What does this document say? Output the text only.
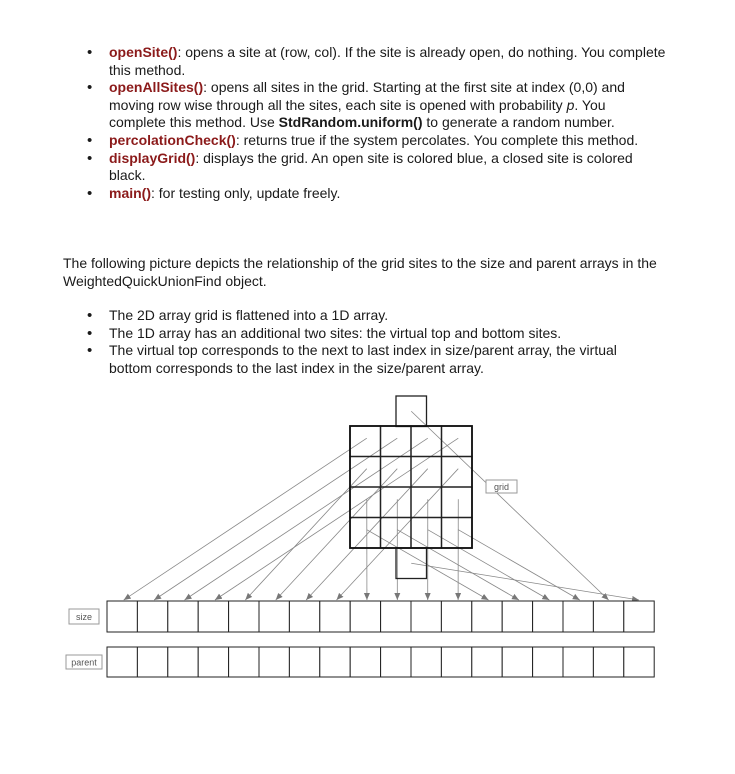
• openSite(): opens a site at (row, col). If the site is already open, do nothing. You complete this method.
• openAllSites(): opens all sites in the grid. Starting at the first site at index (0,0) and moving row wise through all the sites, each site is opened with probability p. You complete this method. Use StdRandom.uniform() to generate a random number.
• percolationCheck(): returns true if the system percolates. You complete this method.
• displayGrid(): displays the grid. An open site is colored blue, a closed site is colored black.
• main(): for testing only, update freely.
The following picture depicts the relationship of the grid sites to the size and parent arrays in the WeightedQuickUnionFind object.
• The 2D array grid is flattened into a 1D array.
• The 1D array has an additional two sites: the virtual top and bottom sites.
• The virtual top corresponds to the next to last index in size/parent array, the virtual bottom corresponds to the last index in the size/parent array.
grid
size
parent
